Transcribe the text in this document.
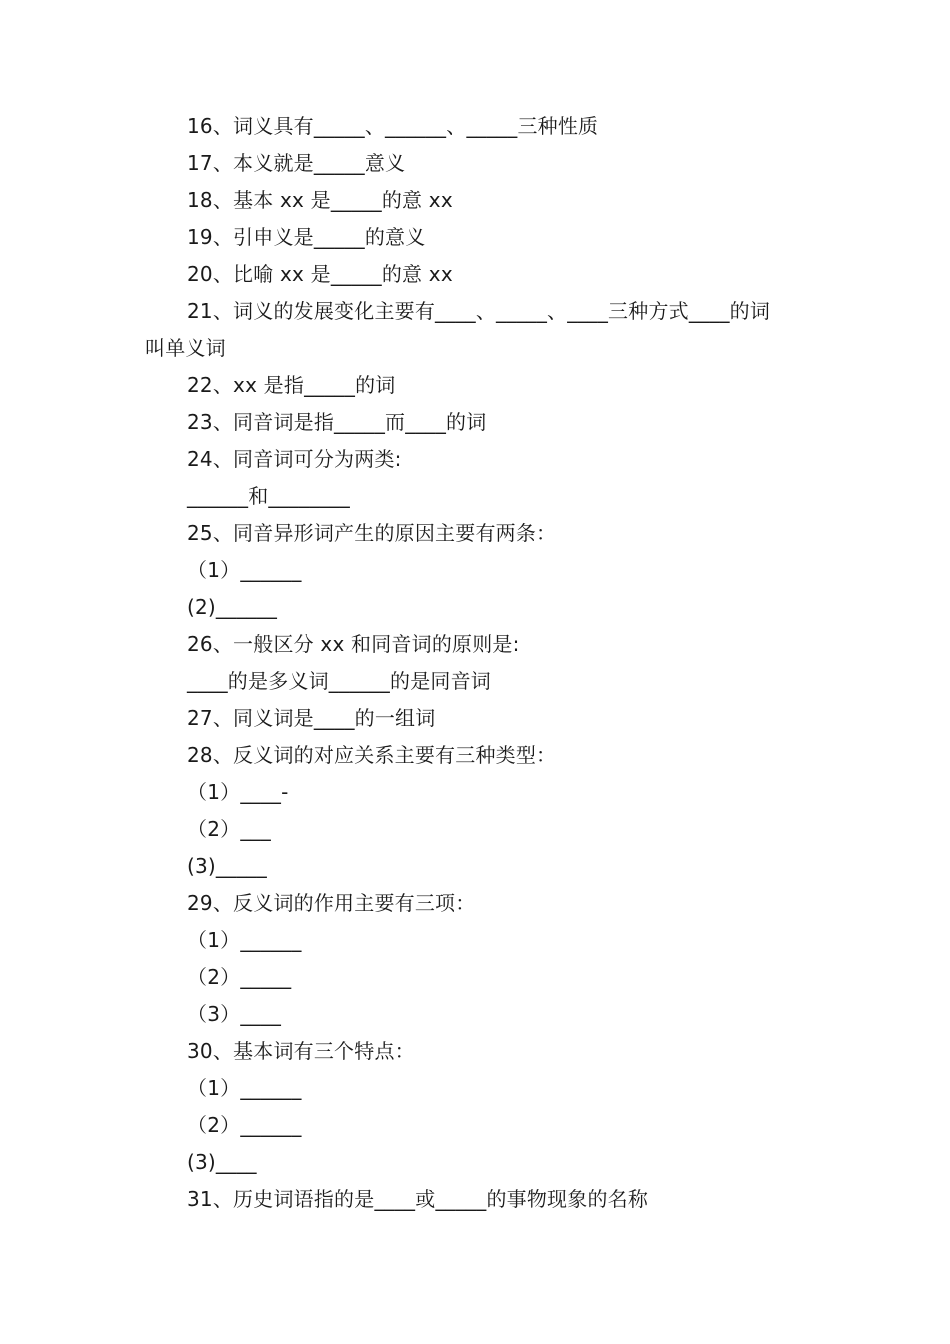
16、词义具有_____、______、_____三种性质
17、本义就是_____意义
18、基本 xx 是_____的意 xx
19、引申义是_____的意义
20、比喻 xx 是_____的意 xx
21、词义的发展变化主要有____、_____、____三种方式____的词
叫单义词
22、xx 是指_____的词
23、同音词是指_____而____的词
24、同音词可分为两类:
______和________
25、同音异形词产生的原因主要有两条：
（1）______
(2)______
26、一般区分 xx 和同音词的原则是:
____的是多义词______的是同音词
27、同义词是____的一组词
28、反义词的对应关系主要有三种类型：
（1）____-
（2）___
(3)_____
29、反义词的作用主要有三项：
（1）______
（2）_____
（3）____
30、基本词有三个特点：
（1）______
（2）______
(3)____
31、历史词语指的是____或_____的事物现象的名称
